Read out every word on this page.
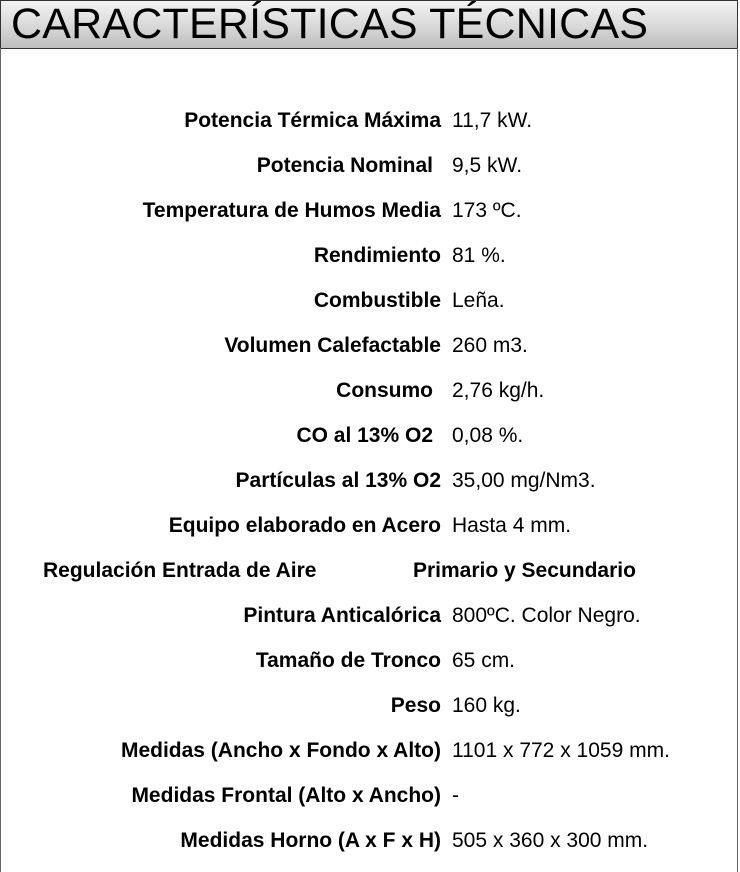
CARACTERÍSTICAS TÉCNICAS
Potencia Térmica Máxima 11,7 kW.
Potencia Nominal 9,5 kW.
Temperatura de Humos Media 173 ºC.
Rendimiento 81 %.
Combustible Leña.
Volumen Calefactable 260 m3.
Consumo 2,76 kg/h.
CO al 13% O2 0,08 %.
Partículas al 13% O2 35,00 mg/Nm3.
Equipo elaborado en Acero Hasta 4 mm.
Regulación Entrada de Aire	Primario y Secundario
Pintura Anticalórica 800ºC. Color Negro.
Tamaño de Tronco 65 cm.
Peso 160 kg.
Medidas (Ancho x Fondo x Alto) 1101 x 772 x 1059 mm.
Medidas Frontal (Alto x Ancho) -
Medidas Horno (A x F x H) 505 x 360 x 300 mm.
